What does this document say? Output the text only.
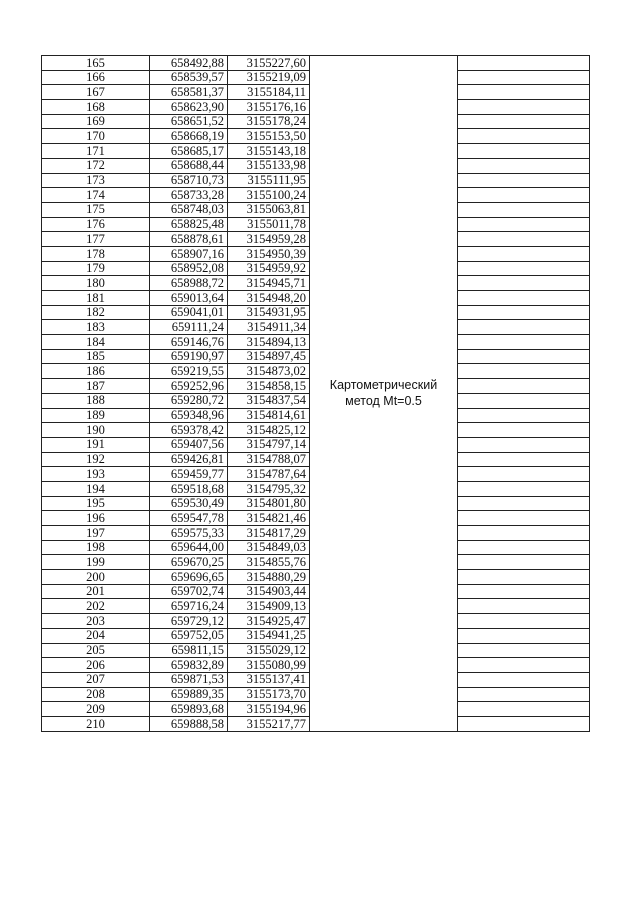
165	658492,88	3155227,60	Картометрический
метод Mt=0.5	

166	658539,57	3155219,09		
167	658581,37	3155184,11		
168	658623,90	3155176,16		
169	658651,52	3155178,24		
170	658668,19	3155153,50		
171	658685,17	3155143,18		
172	658688,44	3155133,98		
173	658710,73	3155111,95		
174	658733,28	3155100,24		
175	658748,03	3155063,81		
176	658825,48	3155011,78		
177	658878,61	3154959,28		
178	658907,16	3154950,39		
179	658952,08	3154959,92		
180	658988,72	3154945,71		
181	659013,64	3154948,20		
182	659041,01	3154931,95		
183	659111,24	3154911,34		
184	659146,76	3154894,13		
185	659190,97	3154897,45		
186	659219,55	3154873,02		
187	659252,96	3154858,15		
188	659280,72	3154837,54		
189	659348,96	3154814,61		
190	659378,42	3154825,12		
191	659407,56	3154797,14		
192	659426,81	3154788,07		
193	659459,77	3154787,64		
194	659518,68	3154795,32		
195	659530,49	3154801,80		
196	659547,78	3154821,46		
197	659575,33	3154817,29		
198	659644,00	3154849,03		
199	659670,25	3154855,76		
200	659696,65	3154880,29		
201	659702,74	3154903,44		
202	659716,24	3154909,13		
203	659729,12	3154925,47		
204	659752,05	3154941,25		
205	659811,15	3155029,12		
206	659832,89	3155080,99		
207	659871,53	3155137,41		
208	659889,35	3155173,70		
209	659893,68	3155194,96		
210	659888,58	3155217,77		
